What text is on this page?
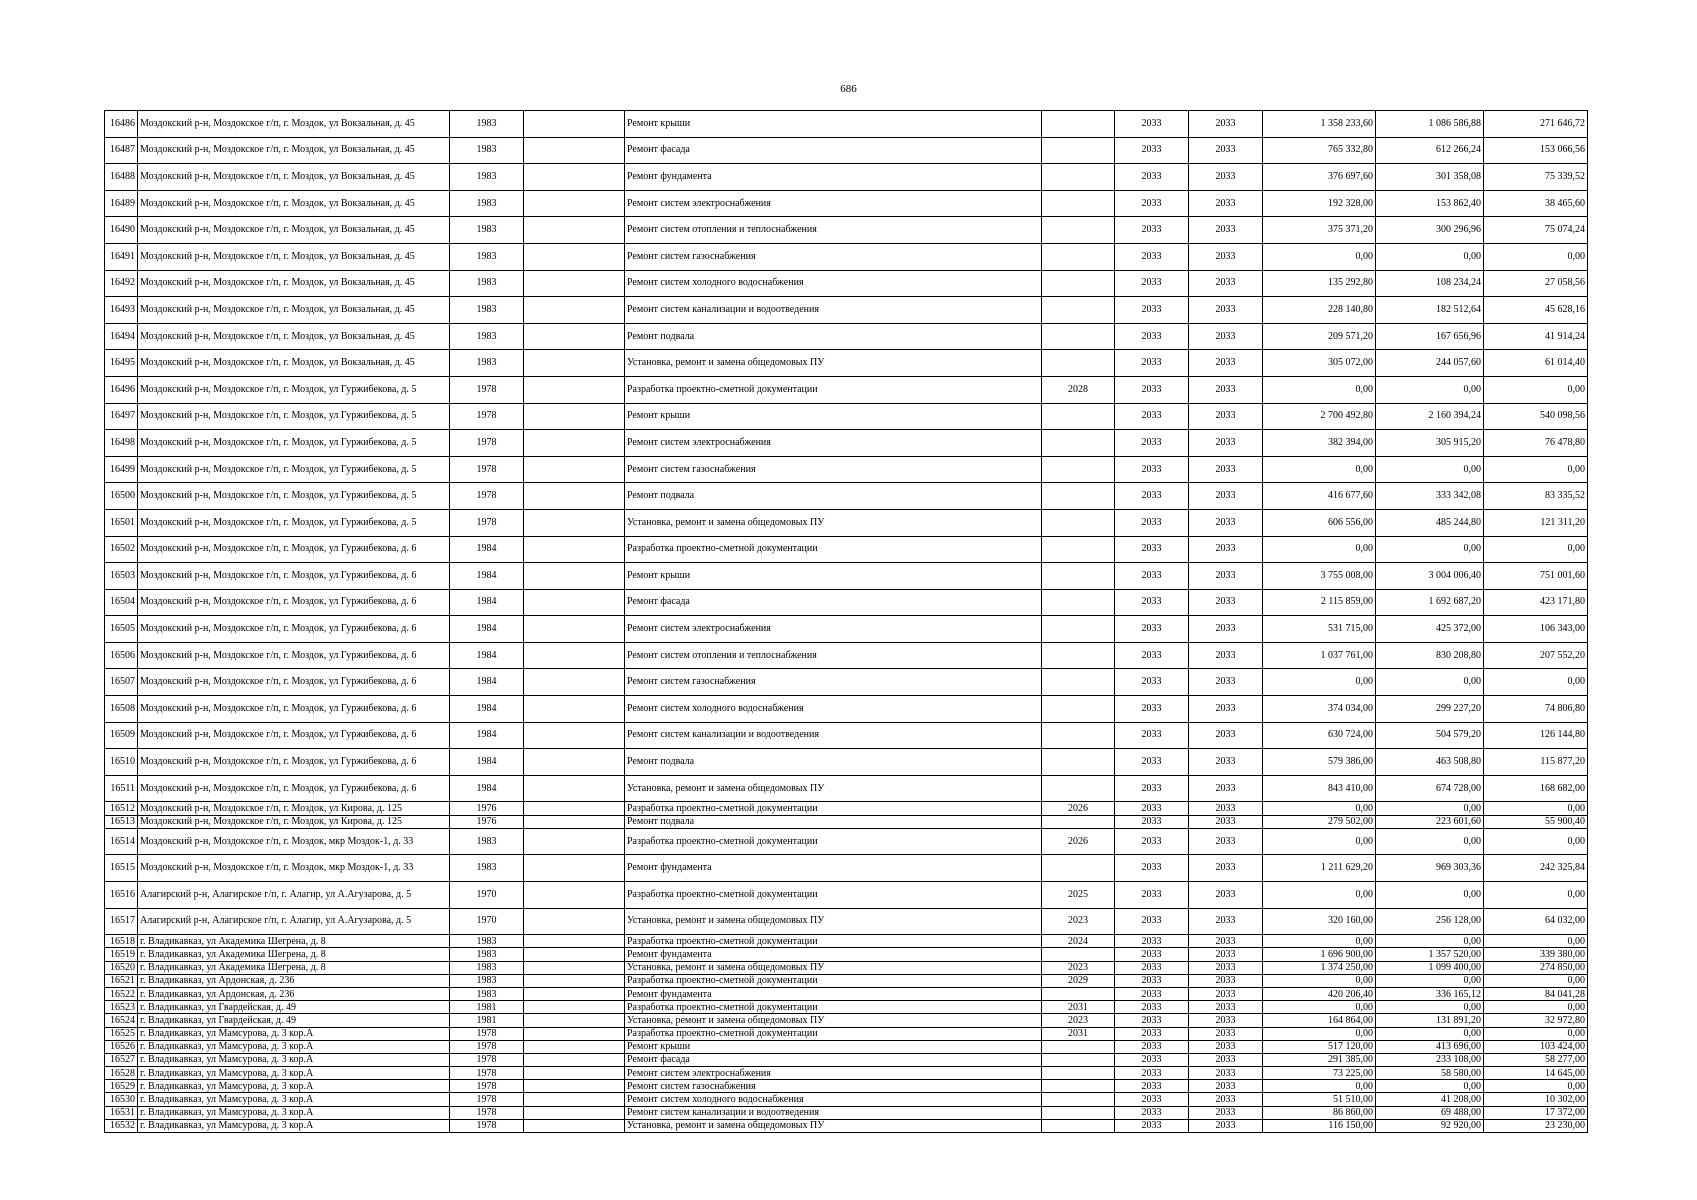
686
16486	Моздокский р-н, Моздокское г/п, г. Моздок, ул Вокзальная, д. 45	1983		Ремонт крыши		2033	2033	1 358 233,60	1 086 586,88	271 646,72
16487	Моздокский р-н, Моздокское г/п, г. Моздок, ул Вокзальная, д. 45	1983		Ремонт фасада		2033	2033	765 332,80	612 266,24	153 066,56
16488	Моздокский р-н, Моздокское г/п, г. Моздок, ул Вокзальная, д. 45	1983		Ремонт фундамента		2033	2033	376 697,60	301 358,08	75 339,52
16489	Моздокский р-н, Моздокское г/п, г. Моздок, ул Вокзальная, д. 45	1983		Ремонт систем электроснабжения		2033	2033	192 328,00	153 862,40	38 465,60
16490	Моздокский р-н, Моздокское г/п, г. Моздок, ул Вокзальная, д. 45	1983		Ремонт систем отопления и теплоснабжения		2033	2033	375 371,20	300 296,96	75 074,24
16491	Моздокский р-н, Моздокское г/п, г. Моздок, ул Вокзальная, д. 45	1983		Ремонт систем газоснабжения		2033	2033	0,00	0,00	0,00
16492	Моздокский р-н, Моздокское г/п, г. Моздок, ул Вокзальная, д. 45	1983		Ремонт систем холодного водоснабжения		2033	2033	135 292,80	108 234,24	27 058,56
16493	Моздокский р-н, Моздокское г/п, г. Моздок, ул Вокзальная, д. 45	1983		Ремонт систем канализации и водоотведения		2033	2033	228 140,80	182 512,64	45 628,16
16494	Моздокский р-н, Моздокское г/п, г. Моздок, ул Вокзальная, д. 45	1983		Ремонт подвала		2033	2033	209 571,20	167 656,96	41 914,24
16495	Моздокский р-н, Моздокское г/п, г. Моздок, ул Вокзальная, д. 45	1983		Установка, ремонт и замена общедомовых ПУ		2033	2033	305 072,00	244 057,60	61 014,40
16496	Моздокский р-н, Моздокское г/п, г. Моздок, ул Гуржибекова, д. 5	1978		Разработка проектно-сметной документации	2028	2033	2033	0,00	0,00	0,00
16497	Моздокский р-н, Моздокское г/п, г. Моздок, ул Гуржибекова, д. 5	1978		Ремонт крыши		2033	2033	2 700 492,80	2 160 394,24	540 098,56
16498	Моздокский р-н, Моздокское г/п, г. Моздок, ул Гуржибекова, д. 5	1978		Ремонт систем электроснабжения		2033	2033	382 394,00	305 915,20	76 478,80
16499	Моздокский р-н, Моздокское г/п, г. Моздок, ул Гуржибекова, д. 5	1978		Ремонт систем газоснабжения		2033	2033	0,00	0,00	0,00
16500	Моздокский р-н, Моздокское г/п, г. Моздок, ул Гуржибекова, д. 5	1978		Ремонт подвала		2033	2033	416 677,60	333 342,08	83 335,52
16501	Моздокский р-н, Моздокское г/п, г. Моздок, ул Гуржибекова, д. 5	1978		Установка, ремонт и замена общедомовых ПУ		2033	2033	606 556,00	485 244,80	121 311,20
16502	Моздокский р-н, Моздокское г/п, г. Моздок, ул Гуржибекова, д. 6	1984		Разработка проектно-сметной документации		2033	2033	0,00	0,00	0,00
16503	Моздокский р-н, Моздокское г/п, г. Моздок, ул Гуржибекова, д. 6	1984		Ремонт крыши		2033	2033	3 755 008,00	3 004 006,40	751 001,60
16504	Моздокский р-н, Моздокское г/п, г. Моздок, ул Гуржибекова, д. 6	1984		Ремонт фасада		2033	2033	2 115 859,00	1 692 687,20	423 171,80
16505	Моздокский р-н, Моздокское г/п, г. Моздок, ул Гуржибекова, д. 6	1984		Ремонт систем электроснабжения		2033	2033	531 715,00	425 372,00	106 343,00
16506	Моздокский р-н, Моздокское г/п, г. Моздок, ул Гуржибекова, д. 6	1984		Ремонт систем отопления и теплоснабжения		2033	2033	1 037 761,00	830 208,80	207 552,20
16507	Моздокский р-н, Моздокское г/п, г. Моздок, ул Гуржибекова, д. 6	1984		Ремонт систем газоснабжения		2033	2033	0,00	0,00	0,00
16508	Моздокский р-н, Моздокское г/п, г. Моздок, ул Гуржибекова, д. 6	1984		Ремонт систем холодного водоснабжения		2033	2033	374 034,00	299 227,20	74 806,80
16509	Моздокский р-н, Моздокское г/п, г. Моздок, ул Гуржибекова, д. 6	1984		Ремонт систем канализации и водоотведения		2033	2033	630 724,00	504 579,20	126 144,80
16510	Моздокский р-н, Моздокское г/п, г. Моздок, ул Гуржибекова, д. 6	1984		Ремонт подвала		2033	2033	579 386,00	463 508,80	115 877,20
16511	Моздокский р-н, Моздокское г/п, г. Моздок, ул Гуржибекова, д. 6	1984		Установка, ремонт и замена общедомовых ПУ		2033	2033	843 410,00	674 728,00	168 682,00
16512	Моздокский р-н, Моздокское г/п, г. Моздок, ул Кирова, д. 125	1976		Разработка проектно-сметной документации	2026	2033	2033	0,00	0,00	0,00
16513	Моздокский р-н, Моздокское г/п, г. Моздок, ул Кирова, д. 125	1976		Ремонт подвала		2033	2033	279 502,00	223 601,60	55 900,40
16514	Моздокский р-н, Моздокское г/п, г. Моздок, мкр Моздок-1, д. 33	1983		Разработка проектно-сметной документации	2026	2033	2033	0,00	0,00	0,00
16515	Моздокский р-н, Моздокское г/п, г. Моздок, мкр Моздок-1, д. 33	1983		Ремонт фундамента		2033	2033	1 211 629,20	969 303,36	242 325,84
16516	Алагирский р-н, Алагирское г/п, г. Алагир, ул А.Агузарова, д. 5	1970		Разработка проектно-сметной документации	2025	2033	2033	0,00	0,00	0,00
16517	Алагирский р-н, Алагирское г/п, г. Алагир, ул А.Агузарова, д. 5	1970		Установка, ремонт и замена общедомовых ПУ	2023	2033	2033	320 160,00	256 128,00	64 032,00
16518	г. Владикавказ, ул Академика Шегрена, д. 8	1983		Разработка проектно-сметной документации	2024	2033	2033	0,00	0,00	0,00
16519	г. Владикавказ, ул Академика Шегрена, д. 8	1983		Ремонт фундамента		2033	2033	1 696 900,00	1 357 520,00	339 380,00
16520	г. Владикавказ, ул Академика Шегрена, д. 8	1983		Установка, ремонт и замена общедомовых ПУ	2023	2033	2033	1 374 250,00	1 099 400,00	274 850,00
16521	г. Владикавказ, ул Ардонская, д. 236	1983		Разработка проектно-сметной документации	2029	2033	2033	0,00	0,00	0,00
16522	г. Владикавказ, ул Ардонская, д. 236	1983		Ремонт фундамента		2033	2033	420 206,40	336 165,12	84 041,28
16523	г. Владикавказ, ул Гвардейская, д. 49	1981		Разработка проектно-сметной документации	2031	2033	2033	0,00	0,00	0,00
16524	г. Владикавказ, ул Гвардейская, д. 49	1981		Установка, ремонт и замена общедомовых ПУ	2023	2033	2033	164 864,00	131 891,20	32 972,80
16525	г. Владикавказ, ул Мамсурова, д. 3 кор.А	1978		Разработка проектно-сметной документации	2031	2033	2033	0,00	0,00	0,00
16526	г. Владикавказ, ул Мамсурова, д. 3 кор.А	1978		Ремонт крыши		2033	2033	517 120,00	413 696,00	103 424,00
16527	г. Владикавказ, ул Мамсурова, д. 3 кор.А	1978		Ремонт фасада		2033	2033	291 385,00	233 108,00	58 277,00
16528	г. Владикавказ, ул Мамсурова, д. 3 кор.А	1978		Ремонт систем электроснабжения		2033	2033	73 225,00	58 580,00	14 645,00
16529	г. Владикавказ, ул Мамсурова, д. 3 кор.А	1978		Ремонт систем газоснабжения		2033	2033	0,00	0,00	0,00
16530	г. Владикавказ, ул Мамсурова, д. 3 кор.А	1978		Ремонт систем холодного водоснабжения		2033	2033	51 510,00	41 208,00	10 302,00
16531	г. Владикавказ, ул Мамсурова, д. 3 кор.А	1978		Ремонт систем канализации и водоотведения		2033	2033	86 860,00	69 488,00	17 372,00
16532	г. Владикавказ, ул Мамсурова, д. 3 кор.А	1978		Установка, ремонт и замена общедомовых ПУ		2033	2033	116 150,00	92 920,00	23 230,00
